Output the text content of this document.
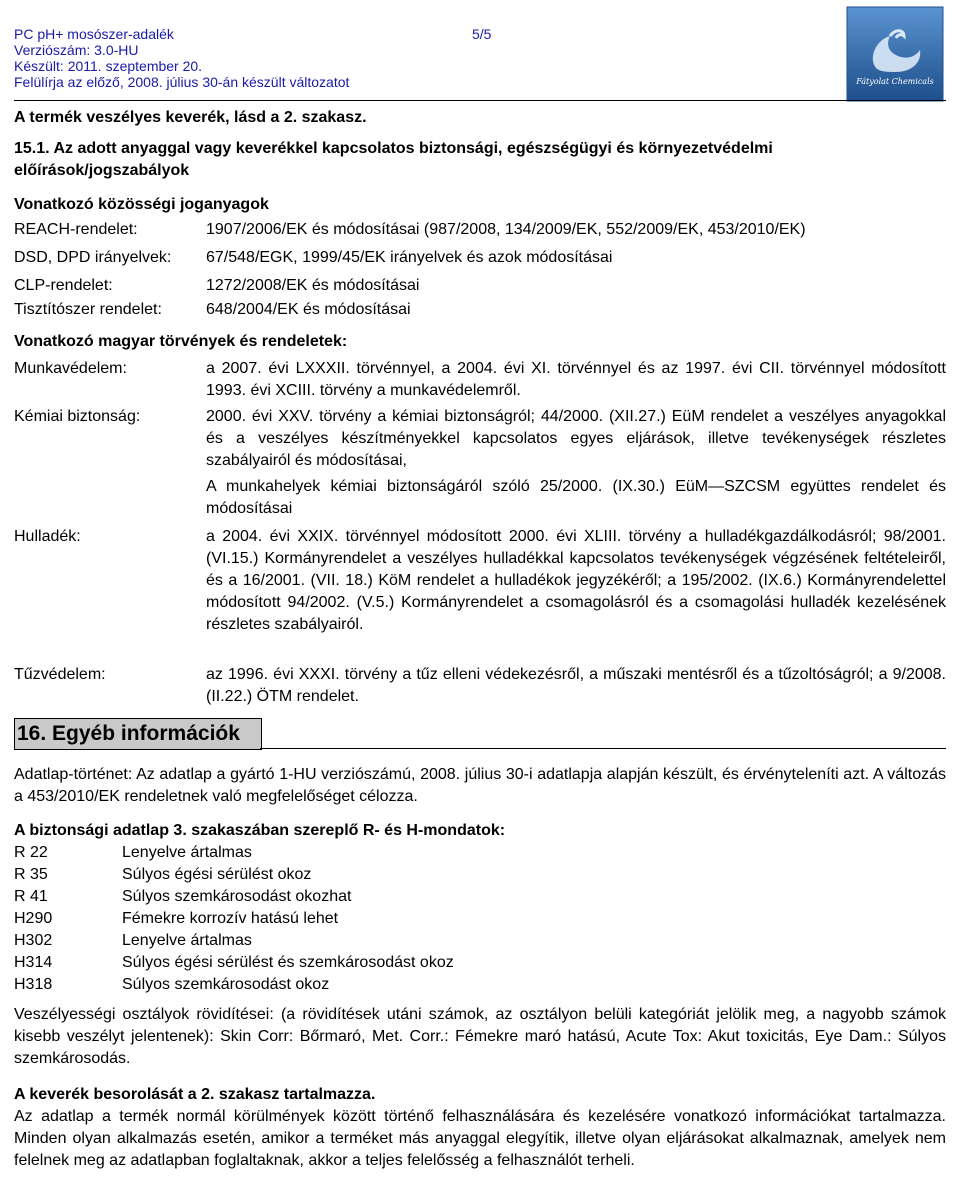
PC pH+ mosószer-adalék	5/5
Verziószám: 3.0-HU
Készült: 2011. szeptember 20.
Felülírja az előző, 2008. július 30-án készült változatot	Fátyolat Chemicals
A termék veszélyes keverék, lásd a 2. szakasz.
15.1. Az adott anyaggal vagy keverékkel kapcsolatos biztonsági, egészségügyi és környezetvédelmi
előírások/jogszabályok
Vonatkozó közösségi joganyagok
REACH-rendelet:	1907/2006/EK és módosításai (987/2008, 134/2009/EK, 552/2009/EK, 453/2010/EK)
DSD, DPD irányelvek: 67/548/EGK, 1999/45/EK irányelvek és azok módosításai
CLP-rendelet:	1272/2008/EK és módosításai
Tisztítószer rendelet:	648/2004/EK és módosításai
Vonatkozó magyar törvények és rendeletek:
Munkavédelem:	a 2007. évi LXXXII. törvénnyel, a 2004. évi XI. törvénnyel és az 1997. évi CII. törvénnyel módosított 1993. évi XCIII. törvény a munkavédelemről.
Kémiai biztonság:	2000. évi XXV. törvény a kémiai biztonságról; 44/2000. (XII.27.) EüM rendelet a veszélyes anyagokkal és a veszélyes készítményekkel kapcsolatos egyes eljárások, illetve tevékenységek részletes szabályairól és módosításai,
A munkahelyek kémiai biztonságáról szóló 25/2000. (IX.30.) EüM—SZCSM együttes rendelet és módosításai
Hulladék:	a 2004. évi XXIX. törvénnyel módosított 2000. évi XLIII. törvény a hulladékgazdálkodásról; 98/2001.(VI.15.) Kormányrendelet a veszélyes hulladékkal kapcsolatos tevékenységek végzésének feltételeiről, és a 16/2001. (VII. 18.) KöM rendelet a hulladékok jegyzékéről; a 195/2002. (IX.6.) Kormányrendelettel módosított 94/2002. (V.5.) Kormányrendelet a csomagolásról és a csomagolási hulladék kezelésének részletes szabályairól.
Tűzvédelem:	az 1996. évi XXXI. törvény a tűz elleni védekezésről, a műszaki mentésről és a tűzoltóságról; a 9/2008. (II.22.) ÖTM rendelet.
16. Egyéb információk
Adatlap-történet: Az adatlap a gyártó 1-HU verziószámú, 2008. július 30-i adatlapja alapján készült, és érvényteleníti azt. A változás a 453/2010/EK rendeletnek való megfelelőséget célozza.
A biztonsági adatlap 3. szakaszában szereplő R- és H-mondatok:
R 22	Lenyelve ártalmas
R 35	Súlyos égési sérülést okoz
R 41	Súlyos szemkárosodást okozhat
H290	Fémekre korrozív hatású lehet
H302	Lenyelve ártalmas
H314	Súlyos égési sérülést és szemkárosodást okoz
H318	Súlyos szemkárosodást okoz
Veszélyességi osztályok rövidítései: (a rövidítések utáni számok, az osztályon belüli kategóriát jelölik meg, a nagyobb számok kisebb veszélyt jelentenek): Skin Corr: Bőrmaró, Met. Corr.: Fémekre maró hatású, Acute Tox: Akut toxicitás, Eye Dam.: Súlyos szemkárosodás.
A keverék besorolását a 2. szakasz tartalmazza.
Az adatlap a termék normál körülmények között történő felhasználására és kezelésére vonatkozó információkat tartalmazza. Minden olyan alkalmazás esetén, amikor a terméket más anyaggal elegyítik, illetve olyan eljárásokat alkalmaznak, amelyek nem felelnek meg az adatlapban foglaltaknak, akkor a teljes felelősség a felhasználót terheli.
